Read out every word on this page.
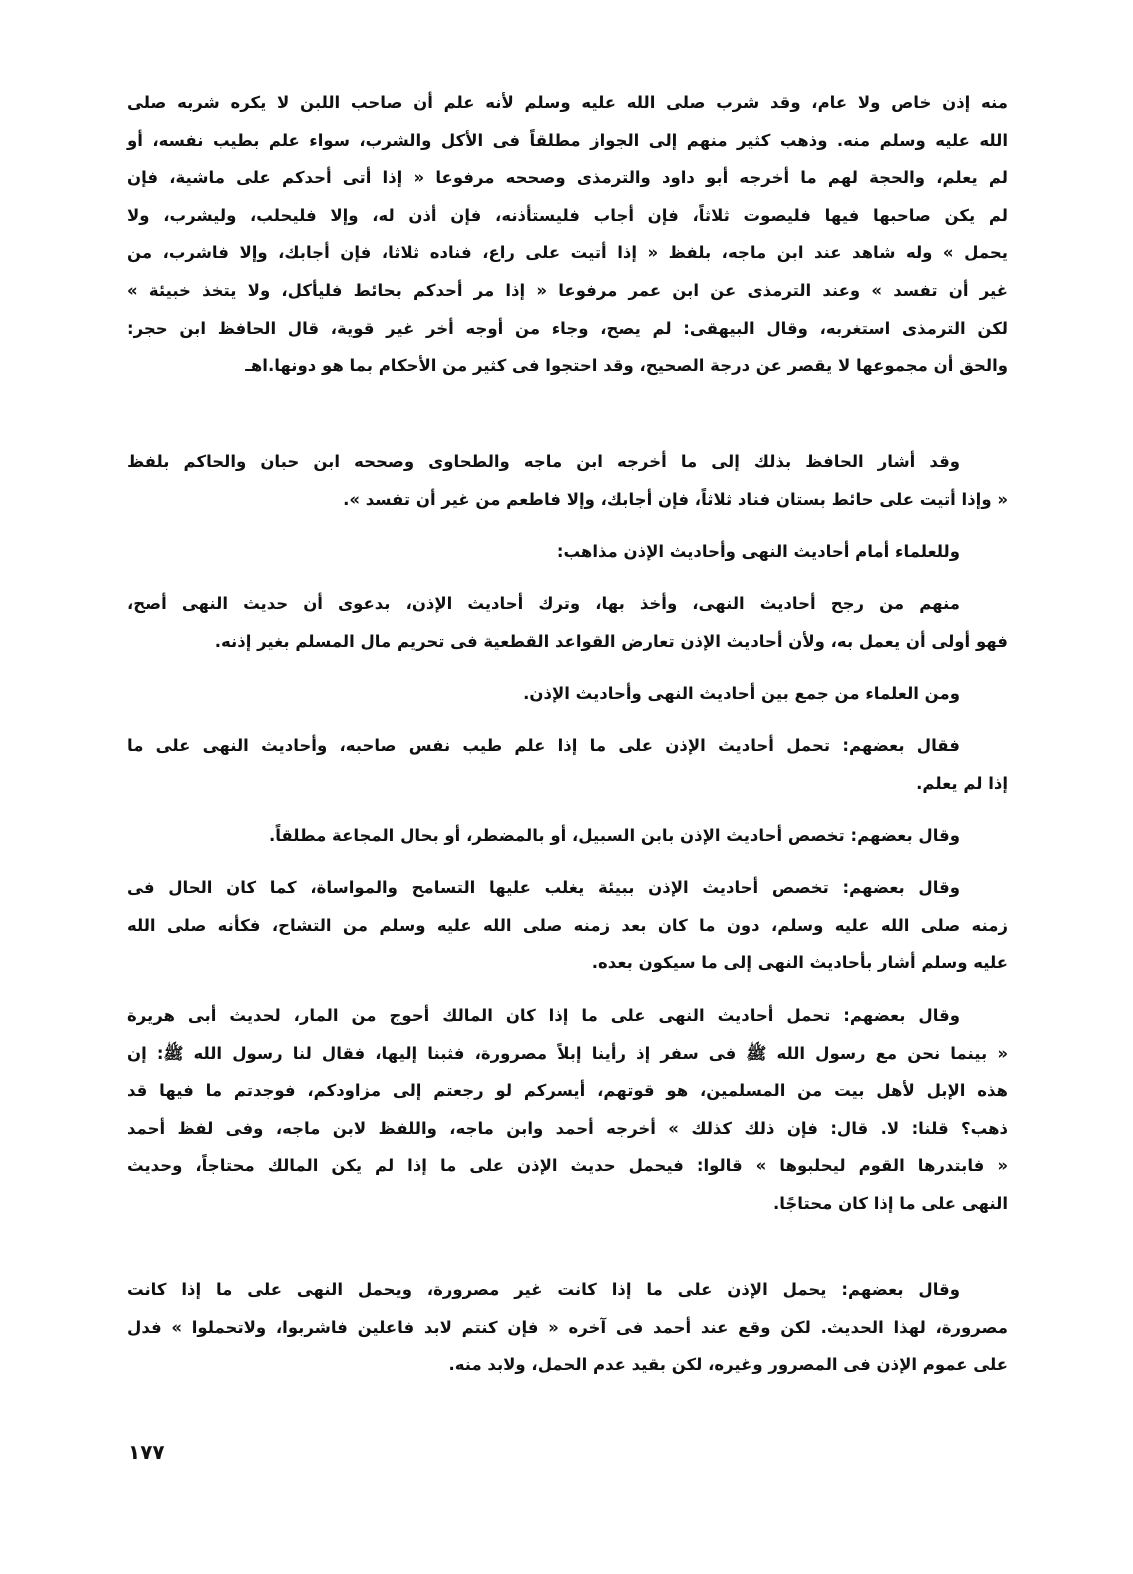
منه إذن خاص ولا عام، وقد شرب صلى الله عليه وسلم لأنه علم أن صاحب اللبن لا يكره شربه صلى
الله عليه وسلم منه. وذهب كثير منهم إلى الجواز مطلقاً فى الأكل والشرب، سواء علم بطيب نفسه، أو
لم يعلم، والحجة لهم ما أخرجه أبو داود والترمذى وصححه مرفوعا « إذا أتى أحدكم على ماشية، فإن
لم يكن صاحبها فيها فليصوت ثلاثاً، فإن أجاب فليستأذنه، فإن أذن له، وإلا فليحلب، وليشرب، ولا
يحمل » وله شاهد عند ابن ماجه، بلفظ « إذا أتيت على راع، فناده ثلاثا، فإن أجابك، وإلا فاشرب، من
غير أن تفسد » وعند الترمذى عن ابن عمر مرفوعا « إذا مر أحدكم بحائط فليأكل، ولا يتخذ خبيئة »
لكن الترمذى استغربه، وقال البيهقى: لم يصح، وجاء من أوجه أخر غير قوية، قال الحافظ ابن حجر:
والحق أن مجموعها لا يقصر عن درجة الصحيح، وقد احتجوا فى كثير من الأحكام بما هو دونها.اهـ
وقد أشار الحافظ بذلك إلى ما أخرجه ابن ماجه والطحاوى وصححه ابن حبان والحاكم بلفظ
« وإذا أتيت على حائط بستان فناد ثلاثاً، فإن أجابك، وإلا فاطعم من غير أن تفسد ».
وللعلماء أمام أحاديث النهى وأحاديث الإذن مذاهب:
منهم من رجح أحاديث النهى، وأخذ بها، وترك أحاديث الإذن، بدعوى أن حديث النهى أصح،
فهو أولى أن يعمل به، ولأن أحاديث الإذن تعارض القواعد القطعية فى تحريم مال المسلم بغير إذنه.
ومن العلماء من جمع بين أحاديث النهى وأحاديث الإذن.
فقال بعضهم: تحمل أحاديث الإذن على ما إذا علم طيب نفس صاحبه، وأحاديث النهى على ما
إذا لم يعلم.
وقال بعضهم: تخصص أحاديث الإذن بابن السبيل، أو بالمضطر، أو بحال المجاعة مطلقاً.
وقال بعضهم: تخصص أحاديث الإذن ببيئة يغلب عليها التسامح والمواساة، كما كان الحال فى
زمنه صلى الله عليه وسلم، دون ما كان بعد زمنه صلى الله عليه وسلم من التشاح، فكأنه صلى الله
عليه وسلم أشار بأحاديث النهى إلى ما سيكون بعده.
وقال بعضهم: تحمل أحاديث النهى على ما إذا كان المالك أحوج من المار، لحديث أبى هريرة
« بينما نحن مع رسول الله ﷺ فى سفر إذ رأينا إبلاً مصرورة، فثبنا إليها، فقال لنا رسول الله ﷺ: إن
هذه الإبل لأهل بيت من المسلمين، هو قوتهم، أيسركم لو رجعتم إلى مزاودكم، فوجدتم ما فيها قد
ذهب؟ قلنا: لا. قال: فإن ذلك كذلك » أخرجه أحمد وابن ماجه، واللفظ لابن ماجه، وفى لفظ أحمد
« فابتدرها القوم ليحلبوها » قالوا: فيحمل حديث الإذن على ما إذا لم يكن المالك محتاجاً، وحديث
النهى على ما إذا كان محتاجًا.
وقال بعضهم: يحمل الإذن على ما إذا كانت غير مصرورة، ويحمل النهى على ما إذا كانت
مصرورة، لهذا الحديث. لكن وقع عند أحمد فى آخره « فإن كنتم لابد فاعلين فاشربوا، ولاتحملوا » فدل
على عموم الإذن فى المصرور وغيره، لكن بقيد عدم الحمل، ولابد منه.
١٧٧
